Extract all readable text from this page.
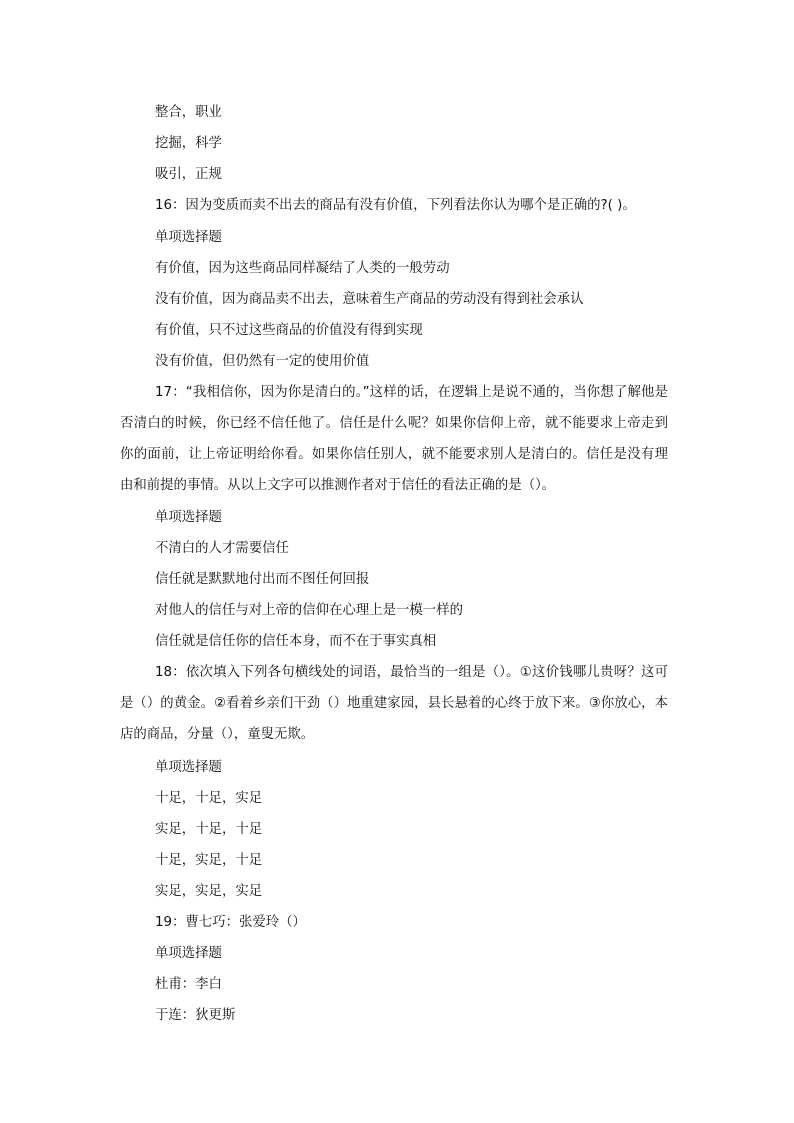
整合，职业
挖掘，科学
吸引，正规
16：因为变质而卖不出去的商品有没有价值，下列看法你认为哪个是正确的?( )。
单项选择题
有价值，因为这些商品同样凝结了人类的一般劳动
没有价值，因为商品卖不出去，意味着生产商品的劳动没有得到社会承认
有价值，只不过这些商品的价值没有得到实现
没有价值，但仍然有一定的使用价值
17：“我相信你，因为你是清白的。”这样的话，在逻辑上是说不通的，当你想了解他是否清白的时候，你已经不信任他了。信任是什么呢？如果你信仰上帝，就不能要求上帝走到你的面前，让上帝证明给你看。如果你信任别人，就不能要求别人是清白的。信任是没有理由和前提的事情。从以上文字可以推测作者对于信任的看法正确的是（）。
单项选择题
不清白的人才需要信任
信任就是默默地付出而不图任何回报
对他人的信任与对上帝的信仰在心理上是一模一样的
信任就是信任你的信任本身，而不在于事实真相
18：依次填入下列各句横线处的词语，最恰当的一组是（）。①这价钱哪儿贵呀？这可是（）的黄金。②看着乡亲们干劲（）地重建家园，县长悬着的心终于放下来。③你放心，本店的商品，分量（），童叟无欺。
单项选择题
十足，十足，实足
实足，十足，十足
十足，实足，十足
实足，实足，实足
19：曹七巧：张爱玲（）
单项选择题
杜甫：李白
于连：狄更斯
